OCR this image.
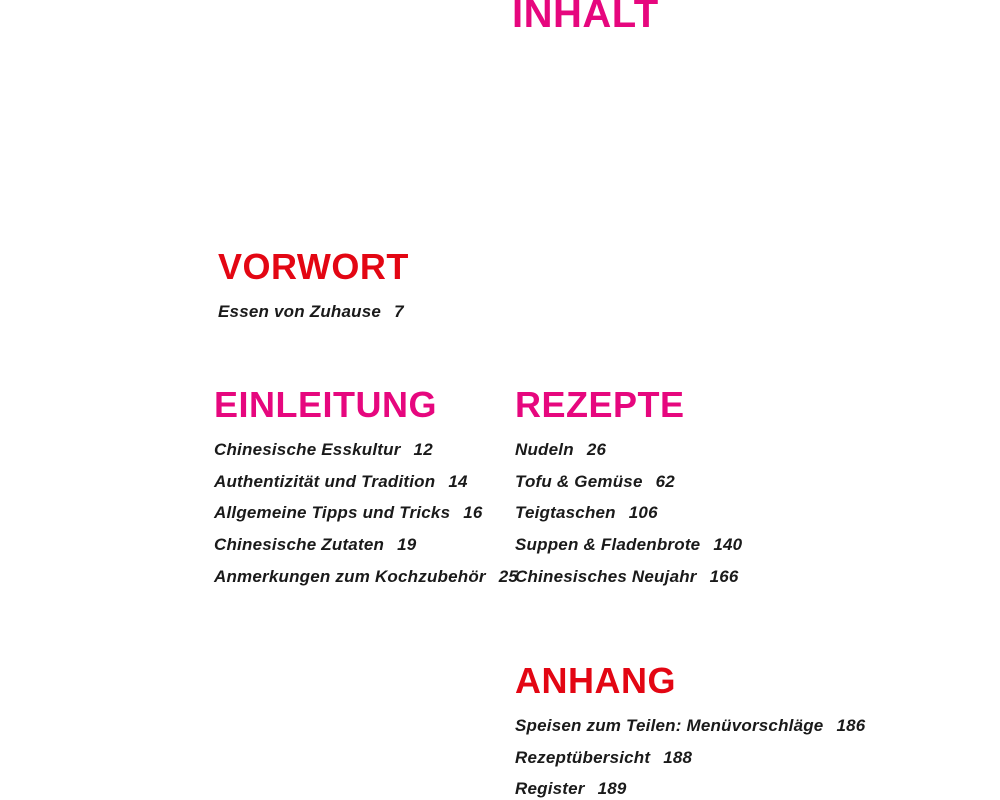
INHALT
VORWORT
Essen von Zuhause 7
EINLEITUNG
Chinesische Esskultur 12
Authentizität und Tradition 14
Allgemeine Tipps und Tricks 16
Chinesische Zutaten 19
Anmerkungen zum Kochzubehör 25
REZEPTE
Nudeln 26
Tofu & Gemüse 62
Teigtaschen 106
Suppen & Fladenbrote 140
Chinesisches Neujahr 166
ANHANG
Speisen zum Teilen: Menüvorschläge 186
Rezeptübersicht 188
Register 189
